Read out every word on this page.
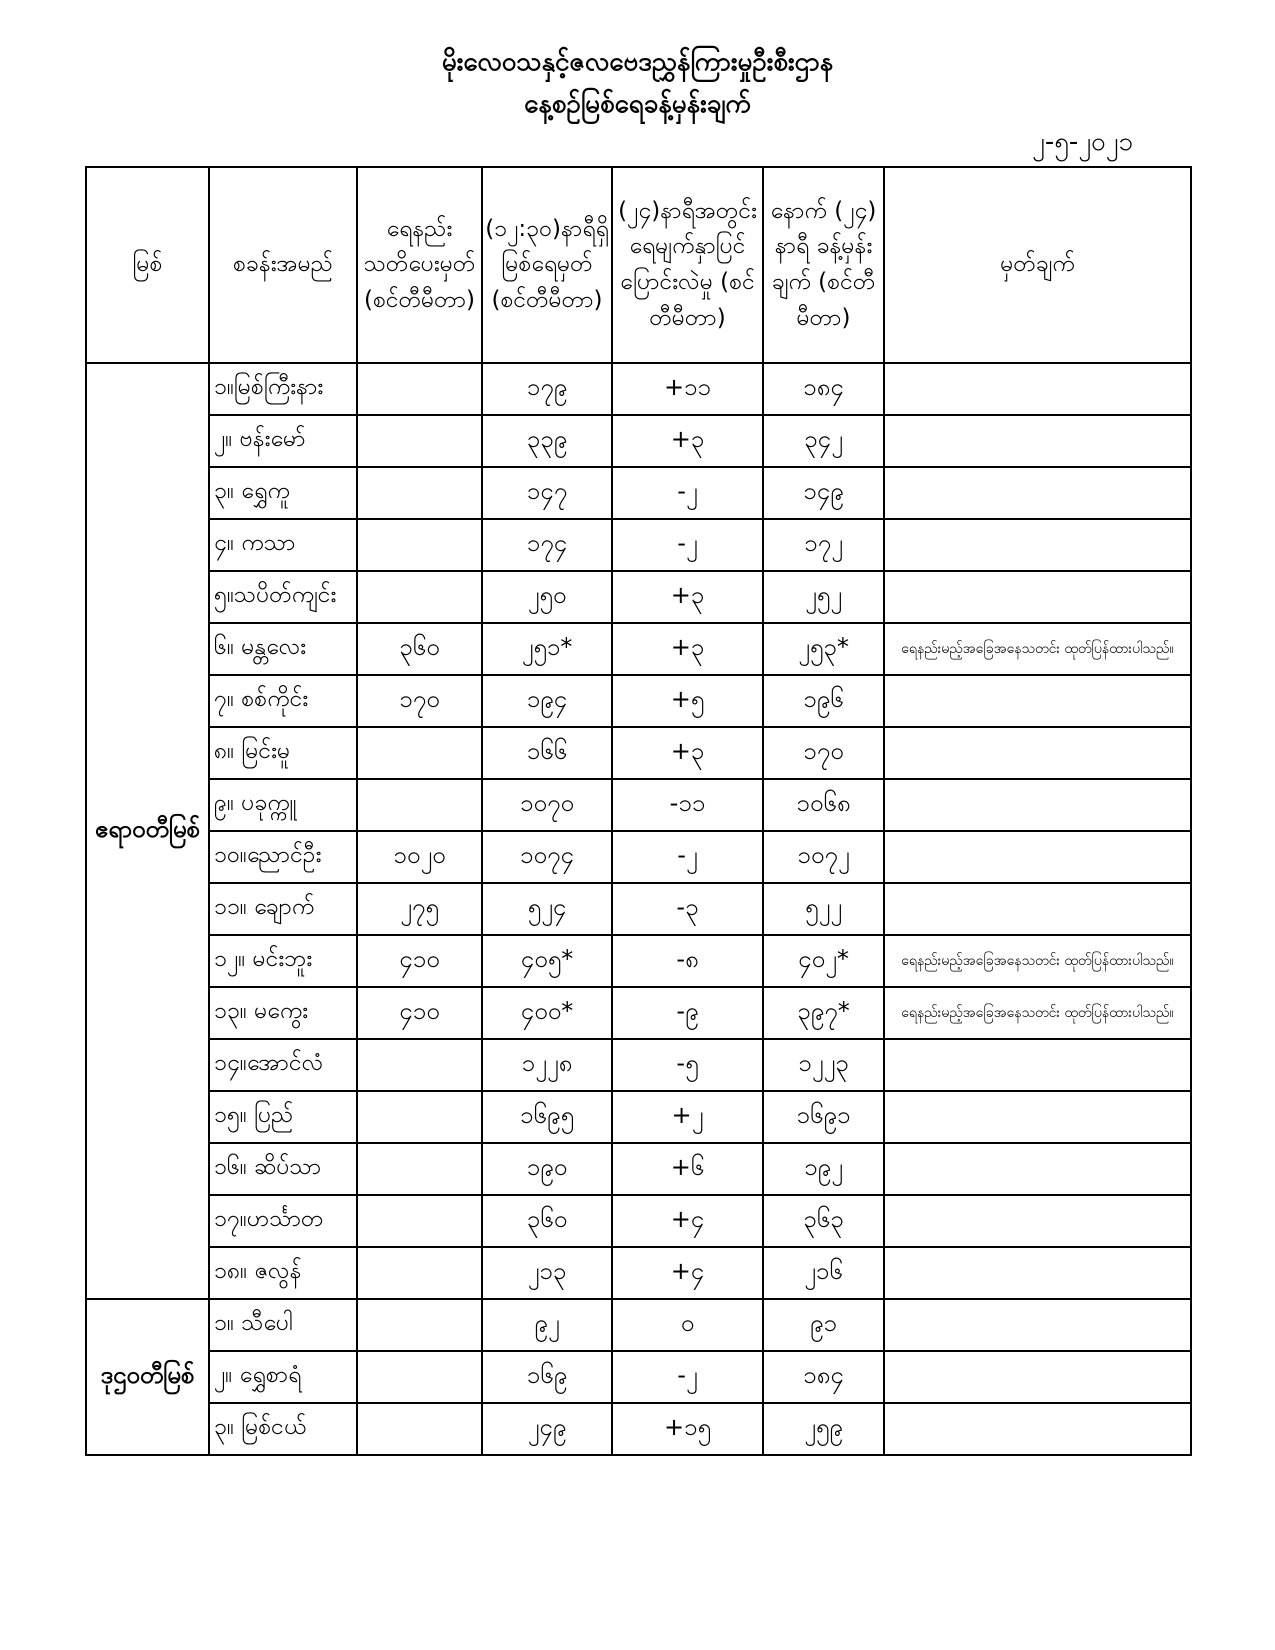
မိုးလေဝသနှင့်ဇလဗေဒညွှန်ကြားမှုဦးစီးဌာန
နေ့စဉ်မြစ်ရေခန့်မှန်းချက်
၂-၅-၂၀၂၁
မြစ်	စခန်းအမည်	ရေနည်း သတိပေးမှတ် (စင်တီမီတာ)	(၁၂:၃၀)နာရီရှိ မြစ်ရေမှတ် (စင်တီမီတာ)	(၂၄)နာရီအတွင်း ရေမျက်နှာပြင် ပြောင်းလဲမှု (စင်တီမီတာ)	နောက် (၂၄) နာရီ ခန့်မှန်းချက် (စင်တီမီတာ)	မှတ်ချက်
ဧရာဝတီမြစ်	၁။မြစ်ကြီးနား		၁၇၉	+၁၁	၁၈၄	
	၂။ ဗန်းမော်		၃၃၉	+၃	၃၄၂	
	၃။ ရွှေကူ		၁၄၇	-၂	၁၄၉	
	၄။ ကသာ		၁၇၄	-၂	၁၇၂	
	၅။သပိတ်ကျင်း		၂၅၀	+၃	၂၅၂	
	၆။ မန္တလေး	၃၆၀	၂၅၁*	+၃	၂၅၃*	ရေနည်းမည့်အခြေအနေသတင်း ထုတ်ပြန်ထားပါသည်။
	၇။ စစ်ကိုင်း	၁၇၀	၁၉၄	+၅	၁၉၆	
	၈။ မြင်းမူ		၁၆၆	+၃	၁၇၀	
	၉။ ပခုက္ကူ		၁၀၇၀	-၁၁	၁၀၆၈	
	၁၀။ညောင်ဦး	၁၀၂၀	၁၀၇၄	-၂	၁၀၇၂	
	၁၁။ ချောက်	၂၇၅	၅၂၄	-၃	၅၂၂	
	၁၂။ မင်းဘူး	၄၁၀	၄၀၅*	-၈	၄၀၂*	ရေနည်းမည့်အခြေအနေသတင်း ထုတ်ပြန်ထားပါသည်။
	၁၃။ မကွေး	၄၁၀	၄၀၀*	-၉	၃၉၇*	ရေနည်းမည့်အခြေအနေသတင်း ထုတ်ပြန်ထားပါသည်။
	၁၄။အောင်လံ		၁၂၂၈	-၅	၁၂၂၃	
	၁၅။ ပြည်		၁၆၉၅	+၂	၁၆၉၁	
	၁၆။ ဆိပ်သာ		၁၉၀	+၆	၁၉၂	
	၁၇။ဟင်္သာတ		၃၆၀	+၄	၃၆၃	
	၁၈။ ဇလွန်		၂၁၃	+၄	၂၁၆	
ဒုဌဝတီမြစ်	၁။ သီပေါ		၉၂	၀	၉၁	
	၂။ ရွှေစာရံ		၁၆၉	-၂	၁၈၄	
	၃။ မြစ်ငယ်		၂၄၉	+၁၅	၂၅၉	
